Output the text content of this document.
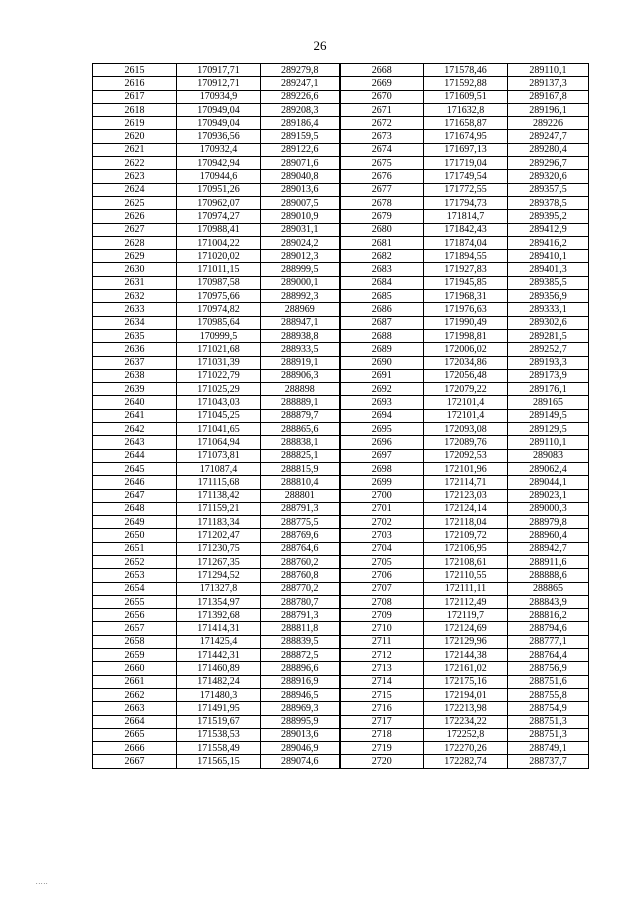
26
2615	170917,71	289279,8	2668	171578,46	289110,1
2616	170912,71	289247,1	2669	171592,88	289137,3
2617	170934,9	289226,6	2670	171609,51	289167,8
2618	170949,04	289208,3	2671	171632,8	289196,1
2619	170949,04	289186,4	2672	171658,87	289226
2620	170936,56	289159,5	2673	171674,95	289247,7
2621	170932,4	289122,6	2674	171697,13	289280,4
2622	170942,94	289071,6	2675	171719,04	289296,7
2623	170944,6	289040,8	2676	171749,54	289320,6
2624	170951,26	289013,6	2677	171772,55	289357,5
2625	170962,07	289007,5	2678	171794,73	289378,5
2626	170974,27	289010,9	2679	171814,7	289395,2
2627	170988,41	289031,1	2680	171842,43	289412,9
2628	171004,22	289024,2	2681	171874,04	289416,2
2629	171020,02	289012,3	2682	171894,55	289410,1
2630	171011,15	288999,5	2683	171927,83	289401,3
2631	170987,58	289000,1	2684	171945,85	289385,5
2632	170975,66	288992,3	2685	171968,31	289356,9
2633	170974,82	288969	2686	171976,63	289333,1
2634	170985,64	288947,1	2687	171990,49	289302,6
2635	170999,5	288938,8	2688	171998,81	289281,5
2636	171021,68	288933,5	2689	172006,02	289252,7
2637	171031,39	288919,1	2690	172034,86	289193,3
2638	171022,79	288906,3	2691	172056,48	289173,9
2639	171025,29	288898	2692	172079,22	289176,1
2640	171043,03	288889,1	2693	172101,4	289165
2641	171045,25	288879,7	2694	172101,4	289149,5
2642	171041,65	288865,6	2695	172093,08	289129,5
2643	171064,94	288838,1	2696	172089,76	289110,1
2644	171073,81	288825,1	2697	172092,53	289083
2645	171087,4	288815,9	2698	172101,96	289062,4
2646	171115,68	288810,4	2699	172114,71	289044,1
2647	171138,42	288801	2700	172123,03	289023,1
2648	171159,21	288791,3	2701	172124,14	289000,3
2649	171183,34	288775,5	2702	172118,04	288979,8
2650	171202,47	288769,6	2703	172109,72	288960,4
2651	171230,75	288764,6	2704	172106,95	288942,7
2652	171267,35	288760,2	2705	172108,61	288911,6
2653	171294,52	288760,8	2706	172110,55	288888,6
2654	171327,8	288770,2	2707	172111,11	288865
2655	171354,97	288780,7	2708	172112,49	288843,9
2656	171392,68	288791,3	2709	172119,7	288816,2
2657	171414,31	288811,8	2710	172124,69	288794,6
2658	171425,4	288839,5	2711	172129,96	288777,1
2659	171442,31	288872,5	2712	172144,38	288764,4
2660	171460,89	288896,6	2713	172161,02	288756,9
2661	171482,24	288916,9	2714	172175,16	288751,6
2662	171480,3	288946,5	2715	172194,01	288755,8
2663	171491,95	288969,3	2716	172213,98	288754,9
2664	171519,67	288995,9	2717	172234,22	288751,3
2665	171538,53	289013,6	2718	172252,8	288751,3
2666	171558,49	289046,9	2719	172270,26	288749,1
2667	171565,15	289074,6	2720	172282,74	288737,7
.....
